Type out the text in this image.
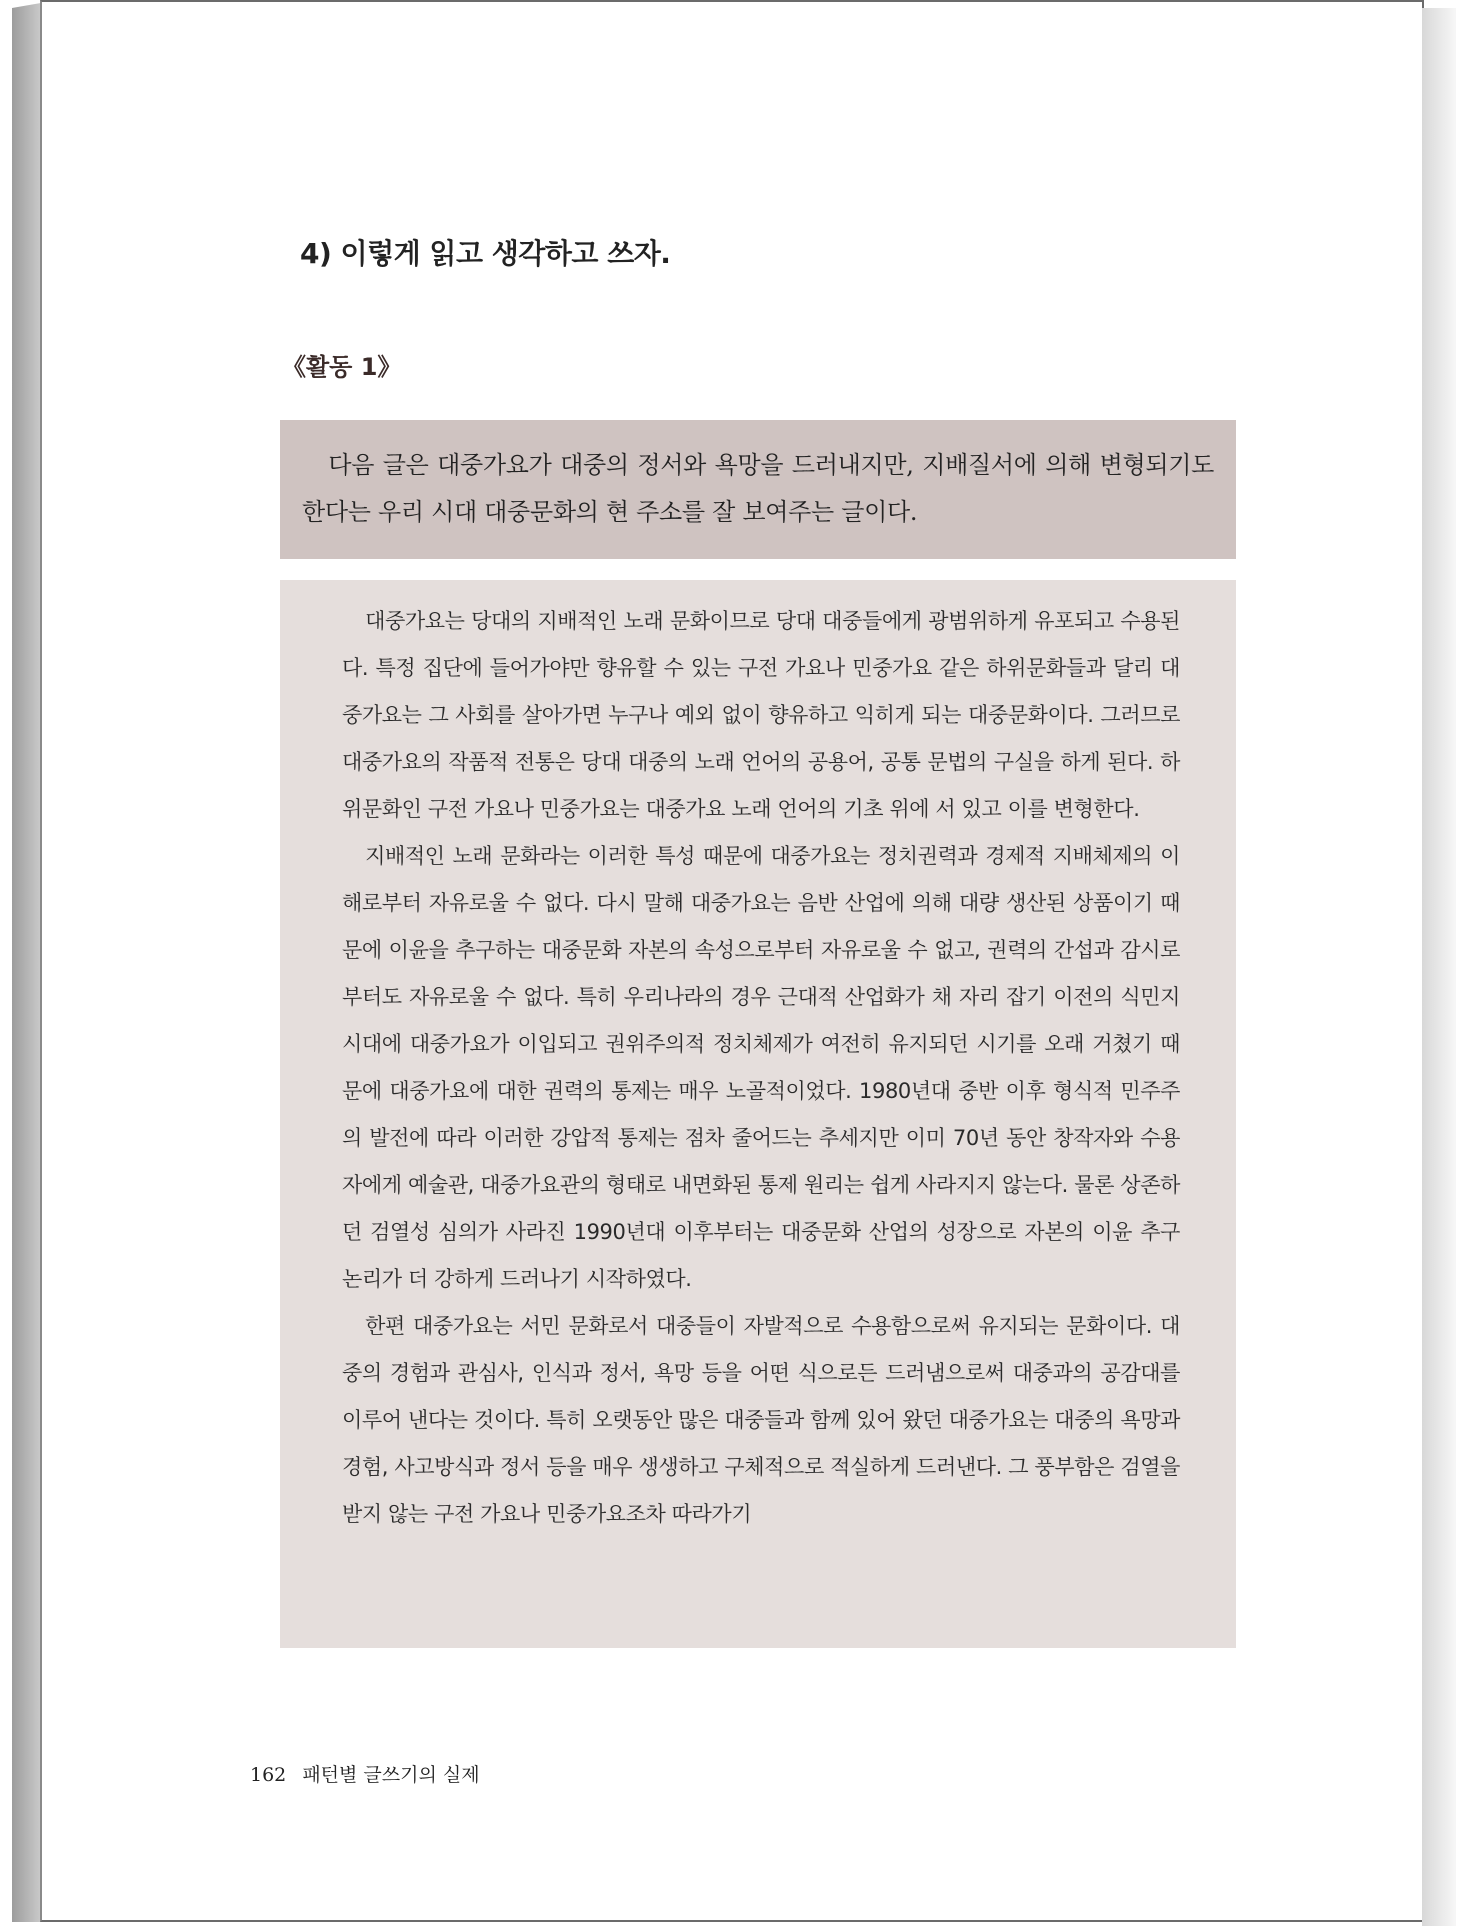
4) 이렇게 읽고 생각하고 쓰자.
《활동 1》

다음 글은 대중가요가 대중의 정서와 욕망을 드러내지만, 지배질서에 의해 변형되기도 한다는 우리 시대 대중문화의 현 주소를 잘 보여주는 글이다.

대중가요는 당대의 지배적인 노래 문화이므로 당대 대중들에게 광범위하게 유포되고 수용된다. 특정 집단에 들어가야만 향유할 수 있는 구전 가요나 민중가요 같은 하위문화들과 달리 대중가요는 그 사회를 살아가면 누구나 예외 없이 향유하고 익히게 되는 대중문화이다. 그러므로 대중가요의 작품적 전통은 당대 대중의 노래 언어의 공용어, 공통 문법의 구실을 하게 된다. 하위문화인 구전 가요나 민중가요는 대중가요 노래 언어의 기초 위에 서 있고 이를 변형한다.

지배적인 노래 문화라는 이러한 특성 때문에 대중가요는 정치권력과 경제적 지배체제의 이해로부터 자유로울 수 없다. 다시 말해 대중가요는 음반 산업에 의해 대량 생산된 상품이기 때문에 이윤을 추구하는 대중문화 자본의 속성으로부터 자유로울 수 없고, 권력의 간섭과 감시로부터도 자유로울 수 없다. 특히 우리나라의 경우 근대적 산업화가 채 자리 잡기 이전의 식민지 시대에 대중가요가 이입되고 권위주의적 정치체제가 여전히 유지되던 시기를 오래 거쳤기 때문에 대중가요에 대한 권력의 통제는 매우 노골적이었다. 1980년대 중반 이후 형식적 민주주의 발전에 따라 이러한 강압적 통제는 점차 줄어드는 추세지만 이미 70년 동안 창작자와 수용자에게 예술관, 대중가요관의 형태로 내면화된 통제 원리는 쉽게 사라지지 않는다. 물론 상존하던 검열성 심의가 사라진 1990년대 이후부터는 대중문화 산업의 성장으로 자본의 이윤 추구 논리가 더 강하게 드러나기 시작하였다.

한편 대중가요는 서민 문화로서 대중들이 자발적으로 수용함으로써 유지되는 문화이다. 대중의 경험과 관심사, 인식과 정서, 욕망 등을 어떤 식으로든 드러냄으로써 대중과의 공감대를 이루어 낸다는 것이다. 특히 오랫동안 많은 대중들과 함께 있어 왔던 대중가요는 대중의 욕망과 경험, 사고방식과 정서 등을 매우 생생하고 구체적으로 적실하게 드러낸다. 그 풍부함은 검열을 받지 않는 구전 가요나 민중가요조차 따라가기

162 패턴별 글쓰기의 실제
